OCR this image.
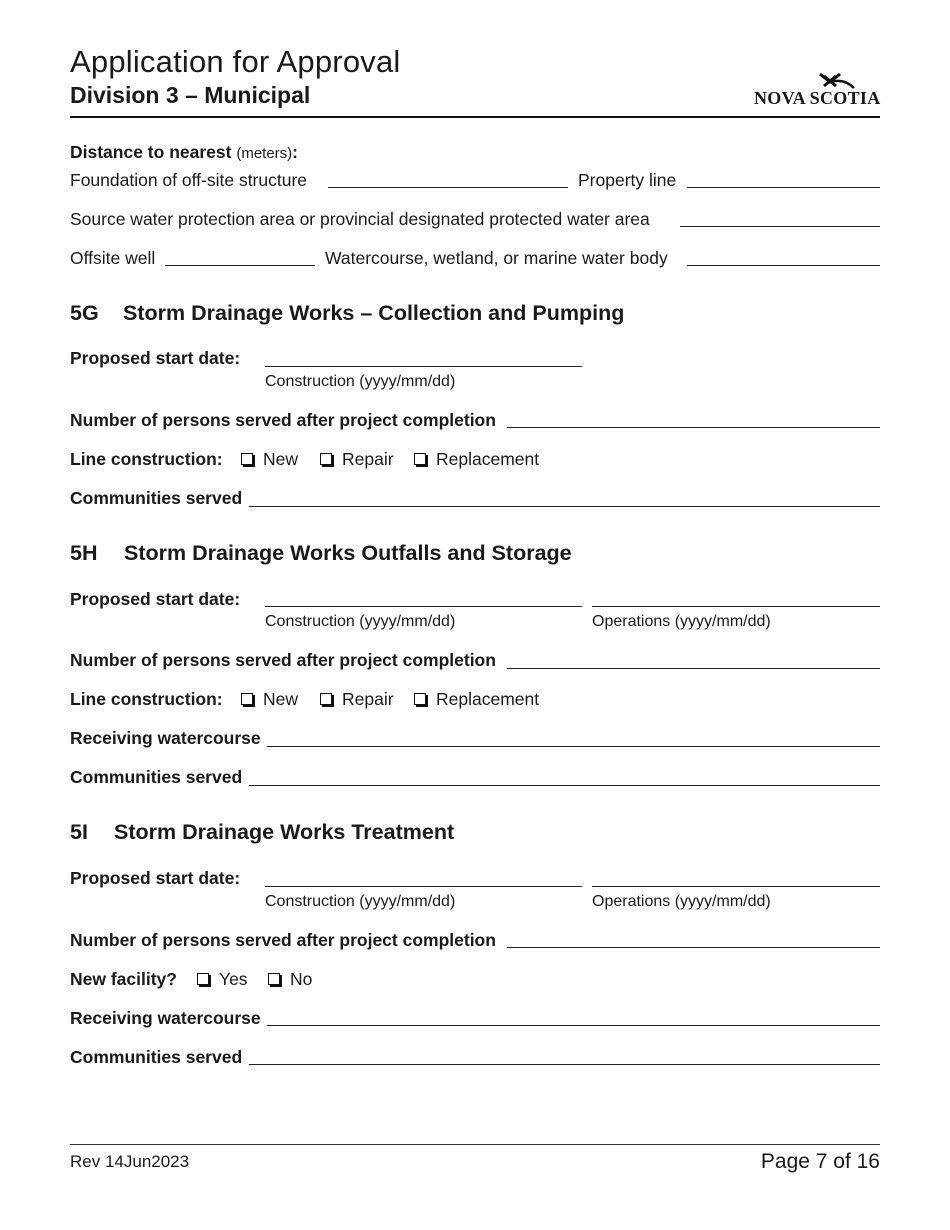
Application for Approval
Division 3 – Municipal	NOVA SCOTIA
Distance to nearest (meters):
Foundation of off-site structure	Property line
Source water protection area or provincial designated protected water area
Offsite well	Watercourse, wetland, or marine water body
5G Storm Drainage Works – Collection and Pumping
Proposed start date:
Construction (yyyy/mm/dd)
Number of persons served after project completion
Line construction: New	Repair Replacement
Communities served
5H Storm Drainage Works Outfalls and Storage
Proposed start date:
Construction (yyyy/mm/dd)	Operations (yyyy/mm/dd)
Number of persons served after project completion
Line construction: New	Repair Replacement
Receiving watercourse
Communities served
5I Storm Drainage Works Treatment
Proposed start date:
Construction (yyyy/mm/dd)	Operations (yyyy/mm/dd)
Number of persons served after project completion
New facility? Yes No
Receiving watercourse
Communities served
Rev 14Jun2023	Page 7 of 16
